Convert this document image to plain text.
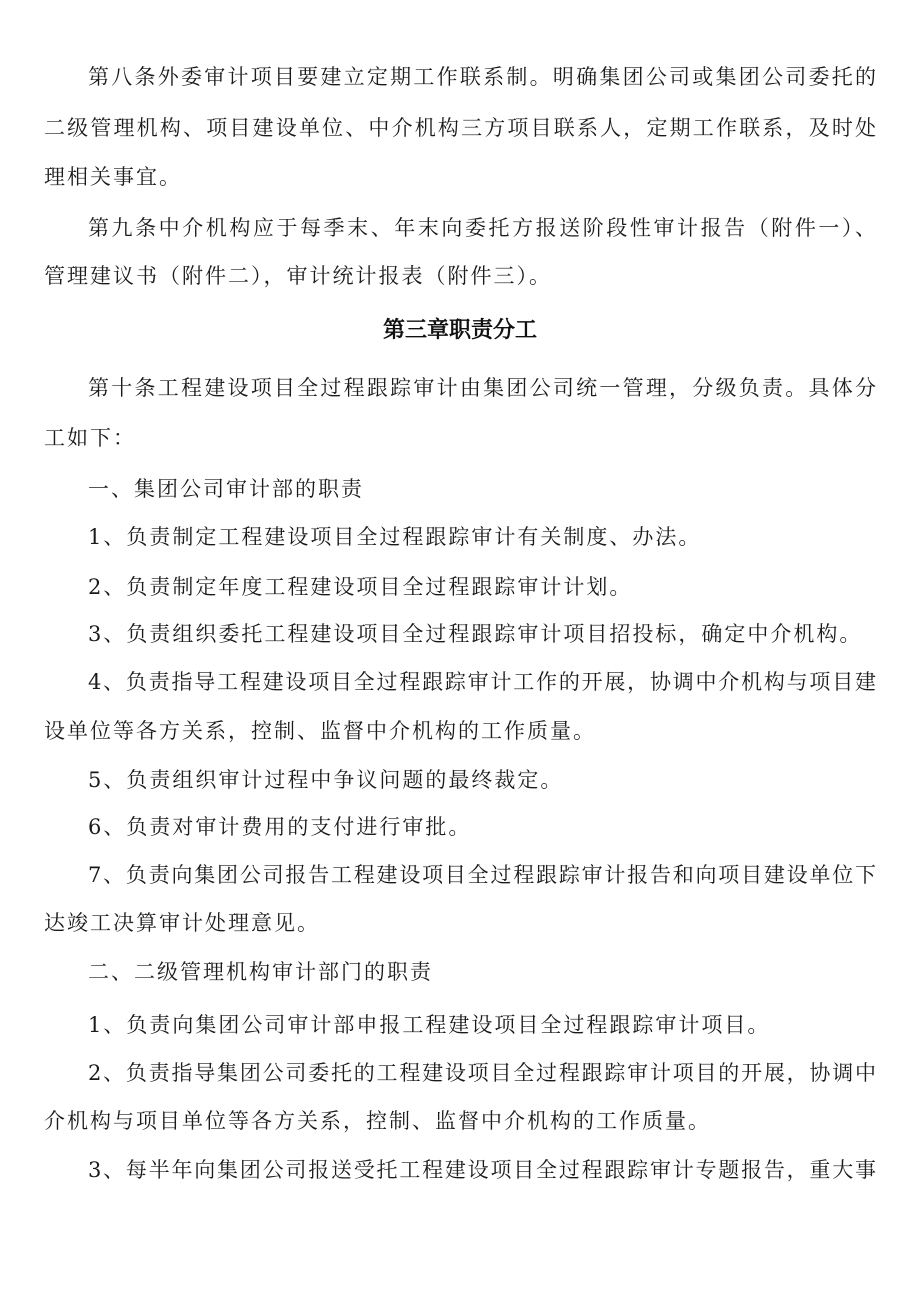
第八条外委审计项目要建立定期工作联系制。明确集团公司或集团公司委托的

二级管理机构、项目建设单位、中介机构三方项目联系人，定期工作联系，及时处

理相关事宜。

第九条中介机构应于每季末、年末向委托方报送阶段性审计报告（附件一）、

管理建议书（附件二），审计统计报表（附件三）。

第三章职责分工

第十条工程建设项目全过程跟踪审计由集团公司统一管理，分级负责。具体分

工如下：

一、集团公司审计部的职责

1、负责制定工程建设项目全过程跟踪审计有关制度、办法。

2、负责制定年度工程建设项目全过程跟踪审计计划。

3、负责组织委托工程建设项目全过程跟踪审计项目招投标，确定中介机构。

4、负责指导工程建设项目全过程跟踪审计工作的开展，协调中介机构与项目建

设单位等各方关系，控制、监督中介机构的工作质量。

5、负责组织审计过程中争议问题的最终裁定。

6、负责对审计费用的支付进行审批。

7、负责向集团公司报告工程建设项目全过程跟踪审计报告和向项目建设单位下

达竣工决算审计处理意见。

二、二级管理机构审计部门的职责

1、负责向集团公司审计部申报工程建设项目全过程跟踪审计项目。

2、负责指导集团公司委托的工程建设项目全过程跟踪审计项目的开展，协调中

介机构与项目单位等各方关系，控制、监督中介机构的工作质量。

3、每半年向集团公司报送受托工程建设项目全过程跟踪审计专题报告，重大事
